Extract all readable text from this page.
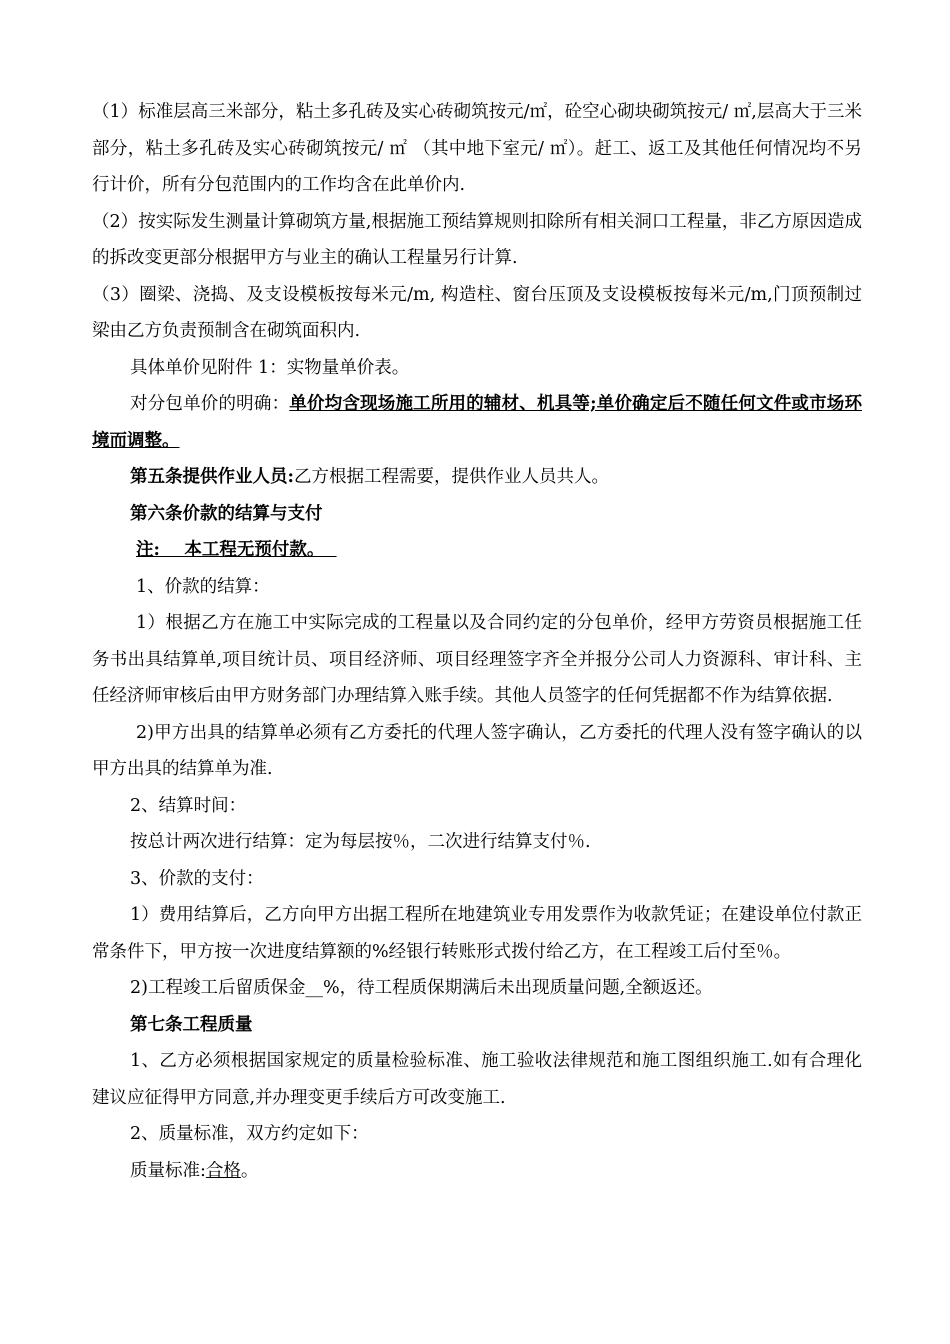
（1）标准层高三米部分，粘土多孔砖及实心砖砌筑按元/㎡，砼空心砌块砌筑按元/ ㎡,层高大于三米部分，粘土多孔砖及实心砖砌筑按元/ ㎡ （其中地下室元/ ㎡）。赶工、返工及其他任何情况均不另行计价，所有分包范围内的工作均含在此单价内.

（2）按实际发生测量计算砌筑方量,根据施工预结算规则扣除所有相关洞口工程量，非乙方原因造成的拆改变更部分根据甲方与业主的确认工程量另行计算.

（3）圈梁、浇捣、及支设模板按每米元/m, 构造柱、窗台压顶及支设模板按每米元/m,门顶预制过梁由乙方负责预制含在砌筑面积内.

具体单价见附件 1：实物量单价表。

对分包单价的明确：单价均含现场施工所用的辅材、机具等;单价确定后不随任何文件或市场环境而调整。

第五条提供作业人员:乙方根据工程需要，提供作业人员共人。

第六条价款的结算与支付

注:    本工程无预付款。

1、价款的结算：

1）根据乙方在施工中实际完成的工程量以及合同约定的分包单价，经甲方劳资员根据施工任务书出具结算单,项目统计员、项目经济师、项目经理签字齐全并报分公司人力资源科、审计科、主任经济师审核后由甲方财务部门办理结算入账手续。其他人员签字的任何凭据都不作为结算依据.

2)甲方出具的结算单必须有乙方委托的代理人签字确认，乙方委托的代理人没有签字确认的以甲方出具的结算单为准.

2、结算时间：

按总计两次进行结算：定为每层按％，二次进行结算支付％.

3、价款的支付：

1）费用结算后，乙方向甲方出据工程所在地建筑业专用发票作为收款凭证；在建设单位付款正常条件下，甲方按一次进度结算额的%经银行转账形式拨付给乙方，在工程竣工后付至％。

2)工程竣工后留质保金__%，待工程质保期满后未出现质量问题,全额返还。

第七条工程质量

1、乙方必须根据国家规定的质量检验标准、施工验收法律规范和施工图组织施工.如有合理化建议应征得甲方同意,并办理变更手续后方可改变施工.

2、质量标准，双方约定如下：

质量标准:合格。
